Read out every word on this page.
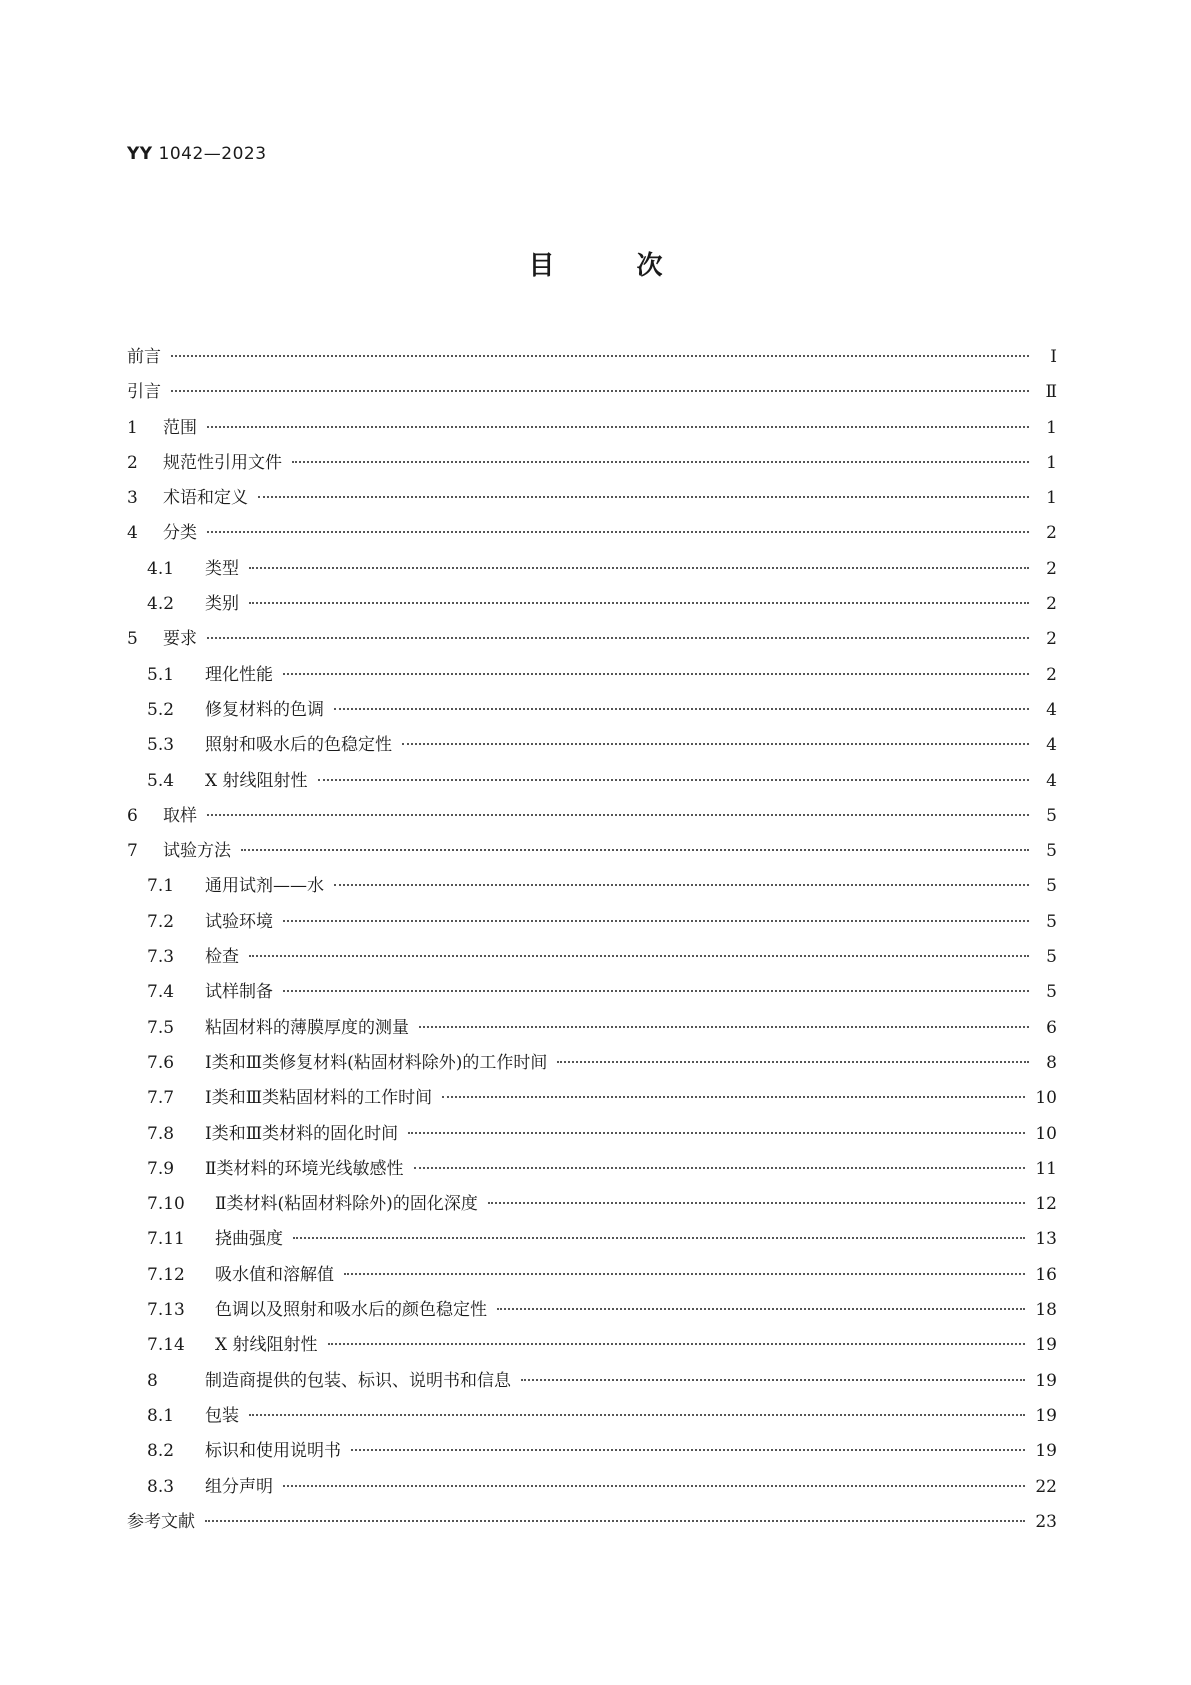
YY 1042—2023
目	次
前言	Ⅰ
引言	Ⅱ
1	范围	1
2	规范性引用文件	1
3	术语和定义	1
4	分类	2
4.1	类型	2
4.2	类别	2
5	要求	2
5.1	理化性能	2
5.2	修复材料的色调	4
5.3	照射和吸水后的色稳定性	4
5.4	X 射线阻射性	4
6	取样	5
7	试验方法	5
7.1	通用试剂——水	5
7.2	试验环境	5
7.3	检查	5
7.4	试样制备	5
7.5	粘固材料的薄膜厚度的测量	6
7.6	Ⅰ类和Ⅲ类修复材料(粘固材料除外)的工作时间	8
7.7	Ⅰ类和Ⅲ类粘固材料的工作时间	10
7.8	Ⅰ类和Ⅲ类材料的固化时间	10
7.9	Ⅱ类材料的环境光线敏感性	11
7.10	Ⅱ类材料(粘固材料除外)的固化深度	12
7.11	挠曲强度	13
7.12	吸水值和溶解值	16
7.13	色调以及照射和吸水后的颜色稳定性	18
7.14	X 射线阻射性	19
8	制造商提供的包装、标识、说明书和信息	19
8.1	包装	19
8.2	标识和使用说明书	19
8.3	组分声明	22
参考文献	23
